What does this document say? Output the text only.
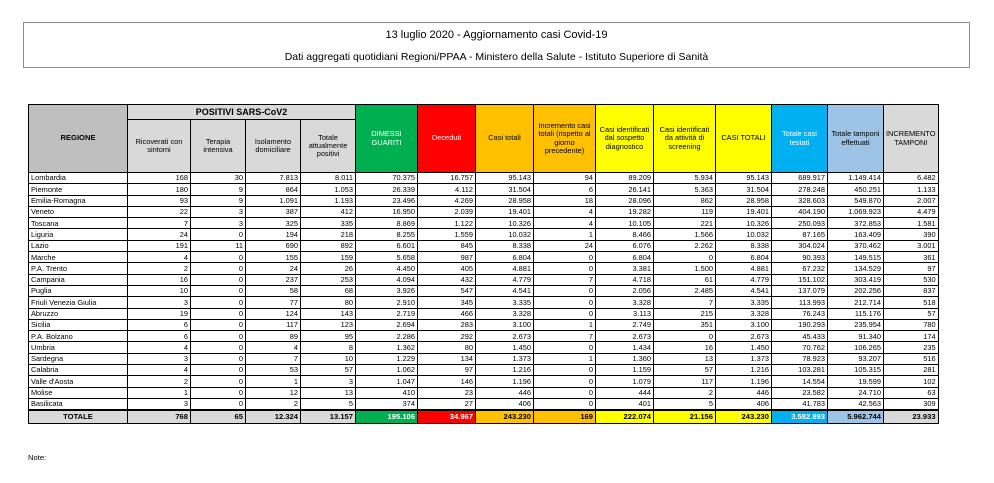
13 luglio 2020 - Aggiornamento casi Covid-19
Dati aggregati quotidiani Regioni/PPAA - Ministero della Salute - Istituto Superiore di Sanità
REGIONE	POSITIVI SARS-CoV2				DIMESSI GUARITI	Deceduti	Casi totali	Incremento casi totali (rispetto al giorno precedente)	Casi identificati dal sospetto diagnostico	Casi identificati da attività di screening	CASI TOTALI	Totale casi testati	Totale tamponi effettuati	INCREMENTO TAMPONI
	Ricoverati con sintomi	Terapia intensiva	Isolamento domiciliare	Totale attualmente positivi										
Lombardia	168	30	7.813	8.011	70.375	16.757	95.143	94	89.209	5.934	95.143	689.917	1.149.414	6.482
Piemonte	180	9	864	1.053	26.339	4.112	31.504	6	26.141	5.363	31.504	278.248	450.251	1.133
Emilia-Romagna	93	9	1.091	1.193	23.496	4.269	28.958	18	28.096	862	28.958	328.603	549.870	2.007
Veneto	22	3	387	412	16.950	2.039	19.401	4	19.282	119	19.401	404.190	1.069.923	4.479
Toscana	7	3	325	335	8.869	1.122	10.326	4	10.105	221	10.326	250.093	372.853	1.581
Liguria	24	0	194	218	8.255	1.559	10.032	1	8.466	1.566	10.032	87.165	163.409	390
Lazio	191	11	690	892	6.601	845	8.338	24	6.076	2.262	8.338	304.024	370.462	3.001
Marche	4	0	155	159	5.658	987	6.804	0	6.804	0	6.804	90.393	149.515	361
P.A. Trento	2	0	24	26	4.450	405	4.881	0	3.381	1.500	4.881	67.232	134.529	97
Campania	16	0	237	253	4.094	432	4.779	7	4.718	61	4.779	151.102	303.419	530
Puglia	10	0	58	68	3.926	547	4.541	0	2.056	2.485	4.541	137.079	202.256	837
Friuli Venezia Giulia	3	0	77	80	2.910	345	3.335	0	3.328	7	3.335	113.993	212.714	518
Abruzzo	19	0	124	143	2.719	466	3.328	0	3.113	215	3.328	76.243	115.176	57
Sicilia	6	0	117	123	2.694	283	3.100	1	2.749	351	3.100	190.293	235.954	780
P.A. Bolzano	6	0	89	95	2.286	292	2.673	7	2.673	0	2.673	45.433	91.340	174
Umbria	4	0	4	8	1.362	80	1.450	0	1.434	16	1.450	70.762	106.265	235
Sardegna	3	0	7	10	1.229	134	1.373	1	1.360	13	1.373	78.923	93.207	516
Calabria	4	0	53	57	1.062	97	1.216	0	1.159	57	1.216	103.281	105.315	281
Valle d'Aosta	2	0	1	3	1.047	146	1.196	0	1.079	117	1.196	14.554	19.599	102
Molise	1	0	12	13	410	23	446	0	444	2	446	23.582	24.710	63
Basilicata	3	0	2	5	374	27	406	0	401	5	406	41.783	42.563	309
TOTALE	768	65	12.324	13.157	195.106	34.967	243.230	169	222.074	21.156	243.230	3.582.893	5.962.744	23.933
Note:
